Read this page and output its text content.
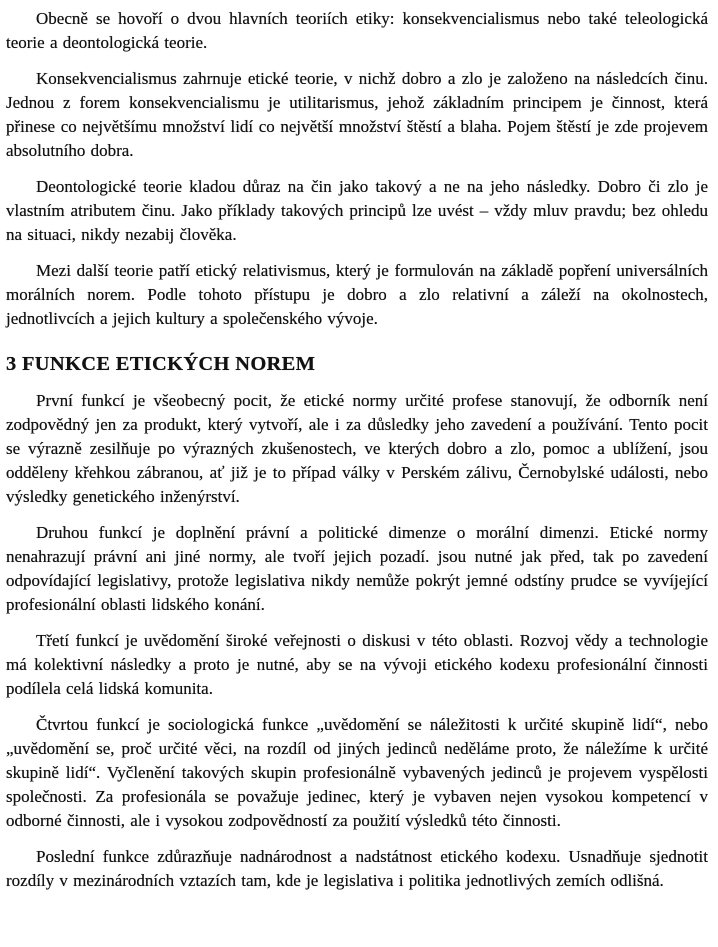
Obecně se hovoří o dvou hlavních teoriích etiky: konsekvencialismus nebo také teleologická teorie a deontologická teorie.

Konsekvencialismus zahrnuje etické teorie, v nichž dobro a zlo je založeno na následcích činu. Jednou z forem konsekvencialismu je utilitarismus, jehož základním principem je činnost, která přinese co největšímu množství lidí co největší množství štěstí a blaha. Pojem štěstí je zde projevem absolutního dobra.

Deontologické teorie kladou důraz na čin jako takový a ne na jeho následky. Dobro či zlo je vlastním atributem činu. Jako příklady takových principů lze uvést – vždy mluv pravdu; bez ohledu na situaci, nikdy nezabij člověka.

Mezi další teorie patří etický relativismus, který je formulován na základě popření universálních morálních norem. Podle tohoto přístupu je dobro a zlo relativní a záleží na okolnostech, jednotlivcích a jejich kultury a společenského vývoje.

3 FUNKCE ETICKÝCH NOREM

První funkcí je všeobecný pocit, že etické normy určité profese stanovují, že odborník není zodpovědný jen za produkt, který vytvoří, ale i za důsledky jeho zavedení a používání. Tento pocit se výrazně zesilňuje po výrazných zkušenostech, ve kterých dobro a zlo, pomoc a ublížení, jsou odděleny křehkou zábranou, ať již je to případ války v Perském zálivu, Černobylské události, nebo výsledky genetického inženýrství.

Druhou funkcí je doplnění právní a politické dimenze o morální dimenzi. Etické normy nenahrazují právní ani jiné normy, ale tvoří jejich pozadí. jsou nutné jak před, tak po zavedení odpovídající legislativy, protože legislativa nikdy nemůže pokrýt jemné odstíny prudce se vyvíjející profesionální oblasti lidského konání.

Třetí funkcí je uvědomění široké veřejnosti o diskusi v této oblasti. Rozvoj vědy a technologie má kolektivní následky a proto je nutné, aby se na vývoji etického kodexu profesionální činnosti podílela celá lidská komunita.

Čtvrtou funkcí je sociologická funkce „uvědomění se náležitosti k určité skupině lidí“, nebo „uvědomění se, proč určité věci, na rozdíl od jiných jedinců neděláme proto, že náležíme k určité skupině lidí“. Vyčlenění takových skupin profesionálně vybavených jedinců je projevem vyspělosti společnosti. Za profesionála se považuje jedinec, který je vybaven nejen vysokou kompetencí v odborné činnosti, ale i vysokou zodpovědností za použití výsledků této činnosti.

Poslední funkce zdůrazňuje nadnárodnost a nadstátnost etického kodexu. Usnadňuje sjednotit rozdíly v mezinárodních vztazích tam, kde je legislativa i politika jednotlivých zemích odlišná.
